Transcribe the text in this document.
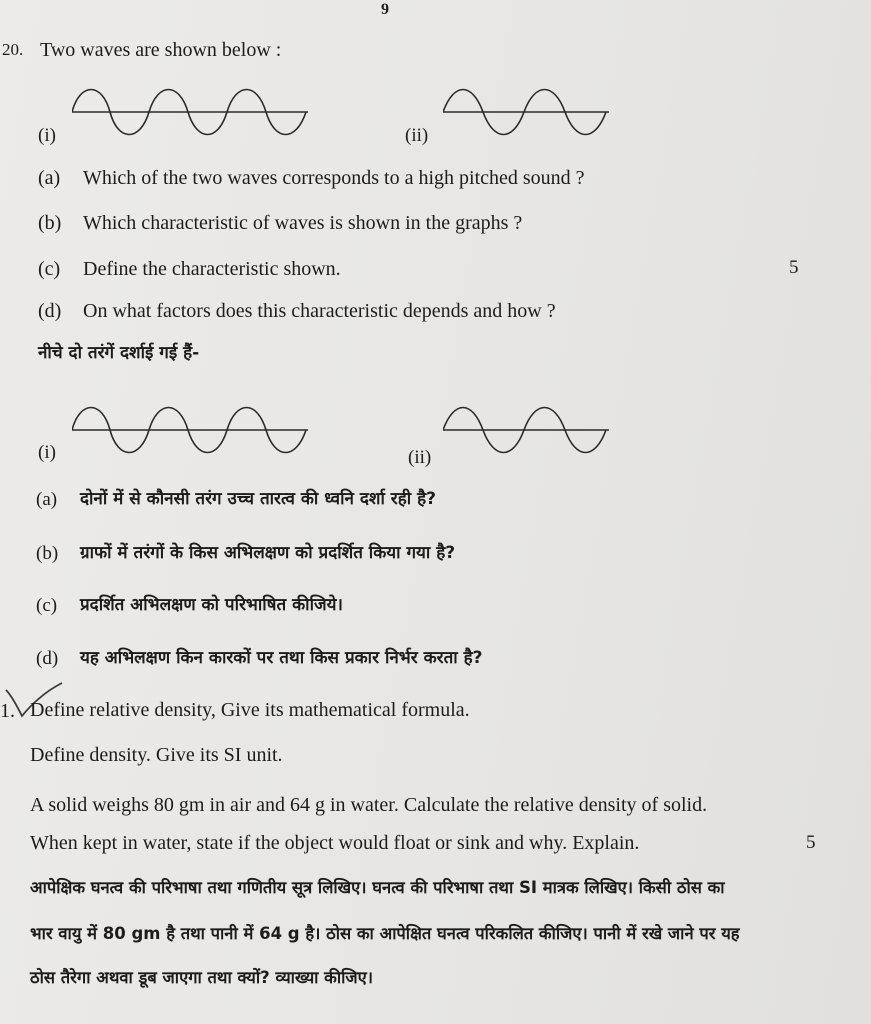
9
20. Two waves are shown below :
(i)	(ii)
(a) Which of the two waves corresponds to a high pitched sound ?
(b) Which characteristic of waves is shown in the graphs ?
(c) Define the characteristic shown.	5
(d) On what factors does this characteristic depends and how ?
नीचे दो तरंगें दर्शाई गई हैं-
(i)	(ii)
(a) दोनों में से कौनसी तरंग उच्च तारत्व की ध्वनि दर्शा रही है?
(b) ग्राफों में तरंगों के किस अभिलक्षण को प्रदर्शित किया गया है?
(c) प्रदर्शित अभिलक्षण को परिभाषित कीजिये।
(d) यह अभिलक्षण किन कारकों पर तथा किस प्रकार निर्भर करता है?
1. Define relative density, Give its mathematical formula.
Define density. Give its SI unit.
A solid weighs 80 gm in air and 64 g in water. Calculate the relative density of solid.
When kept in water, state if the object would float or sink and why. Explain.	5
आपेक्षिक घनत्व की परिभाषा तथा गणितीय सूत्र लिखिए। घनत्व की परिभाषा तथा SI मात्रक लिखिए। किसी ठोस का
भार वायु में 80 gm है तथा पानी में 64 g है। ठोस का आपेक्षित घनत्व परिकलित कीजिए। पानी में रखे जाने पर यह
ठोस तैरेगा अथवा डूब जाएगा तथा क्यों? व्याख्या कीजिए।
